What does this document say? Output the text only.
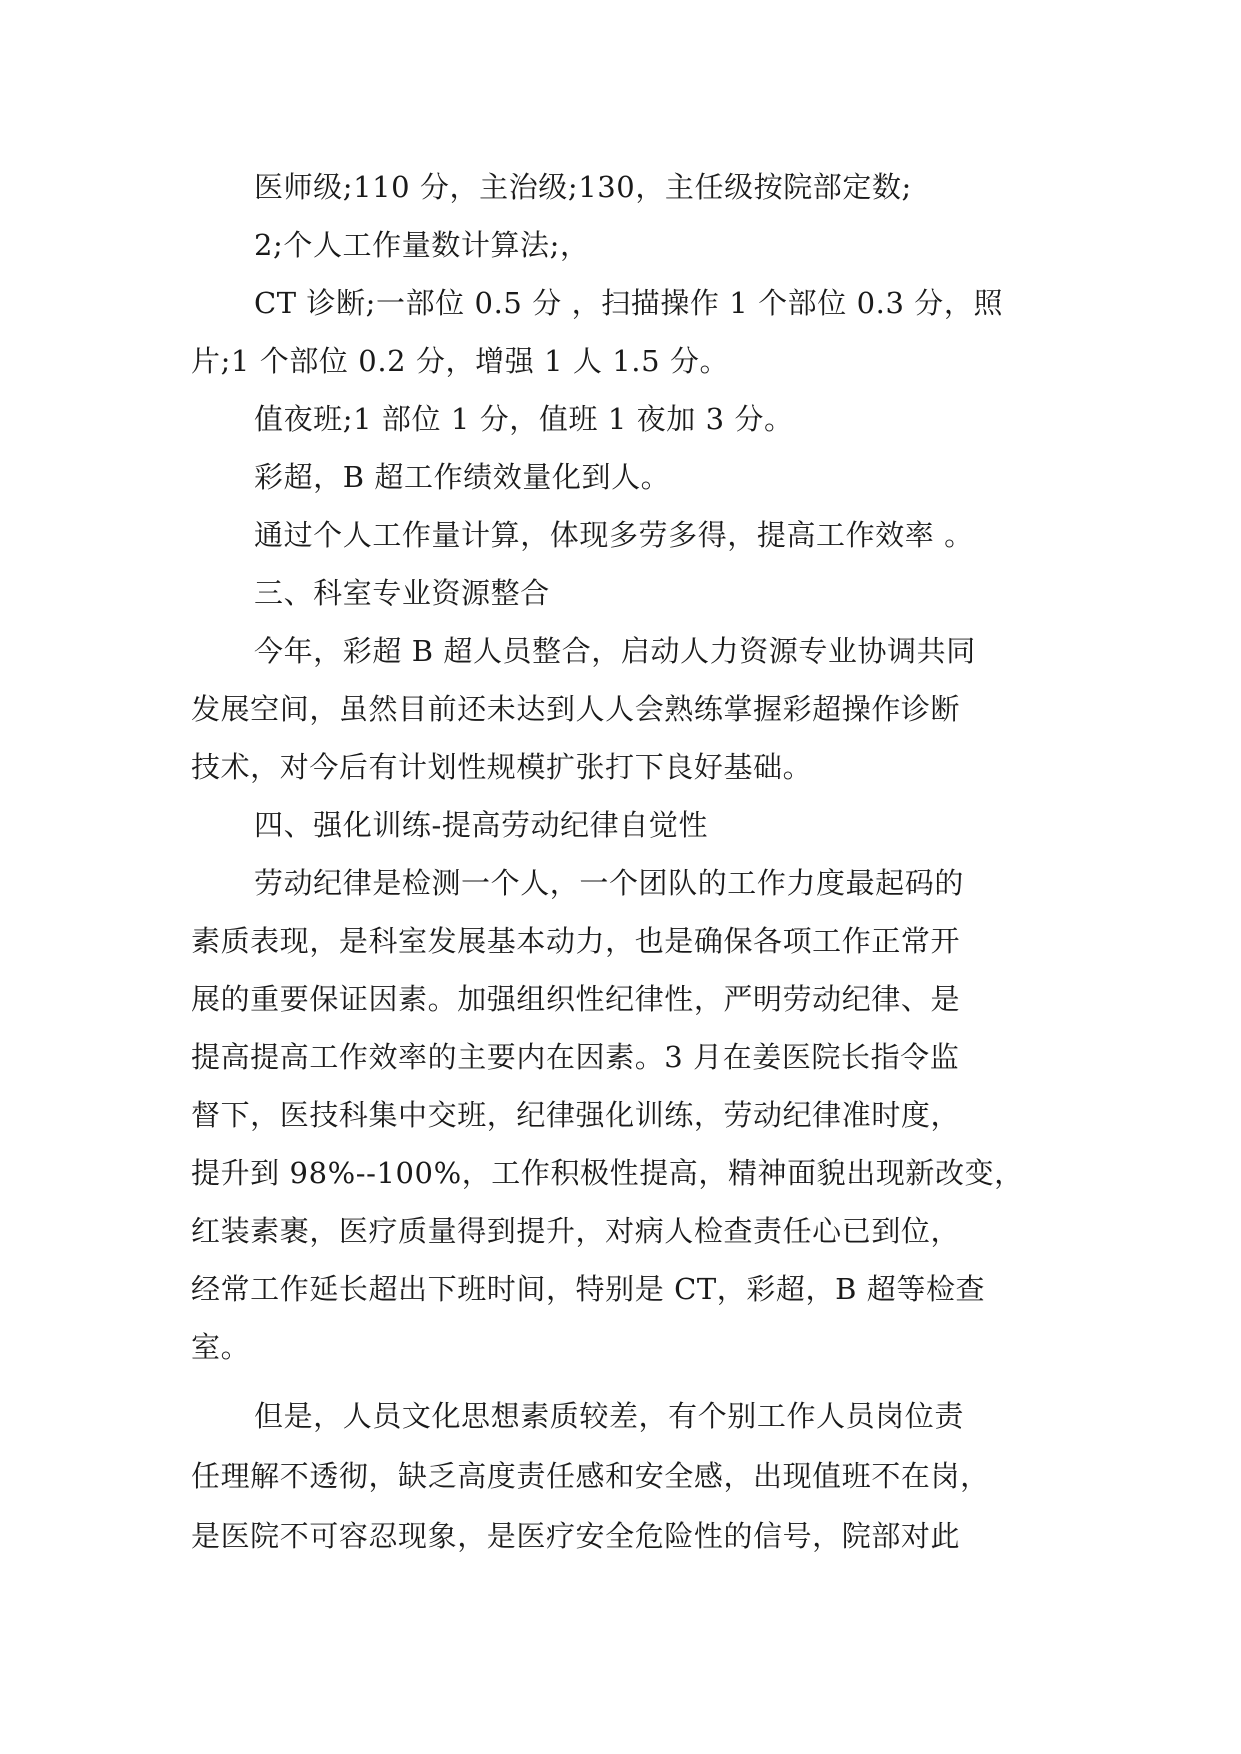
医师级;110 分，主治级;130，主任级按院部定数;
2;个人工作量数计算法;，
CT 诊断;一部位 0.5 分 ，扫描操作 1 个部位 0.3 分，照
片;1 个部位 0.2 分，增强 1 人 1.5 分。
值夜班;1 部位 1 分，值班 1 夜加 3 分。
彩超，B 超工作绩效量化到人。
通过个人工作量计算，体现多劳多得，提高工作效率 。
三、科室专业资源整合
今年，彩超 B 超人员整合，启动人力资源专业协调共同
发展空间，虽然目前还未达到人人会熟练掌握彩超操作诊断
技术，对今后有计划性规模扩张打下良好基础。
四、强化训练-提高劳动纪律自觉性
劳动纪律是检测一个人，一个团队的工作力度最起码的
素质表现，是科室发展基本动力，也是确保各项工作正常开
展的重要保证因素。加强组织性纪律性，严明劳动纪律、是
提高提高工作效率的主要内在因素。3 月在姜医院长指令监
督下，医技科集中交班，纪律强化训练，劳动纪律准时度，
提升到 98%--100%，工作积极性提高，精神面貌出现新改变，
红装素裹，医疗质量得到提升，对病人检查责任心已到位，
经常工作延长超出下班时间，特别是 CT，彩超，B 超等检查
室。
但是，人员文化思想素质较差，有个别工作人员岗位责
任理解不透彻，缺乏高度责任感和安全感，出现值班不在岗，
是医院不可容忍现象，是医疗安全危险性的信号，院部对此
